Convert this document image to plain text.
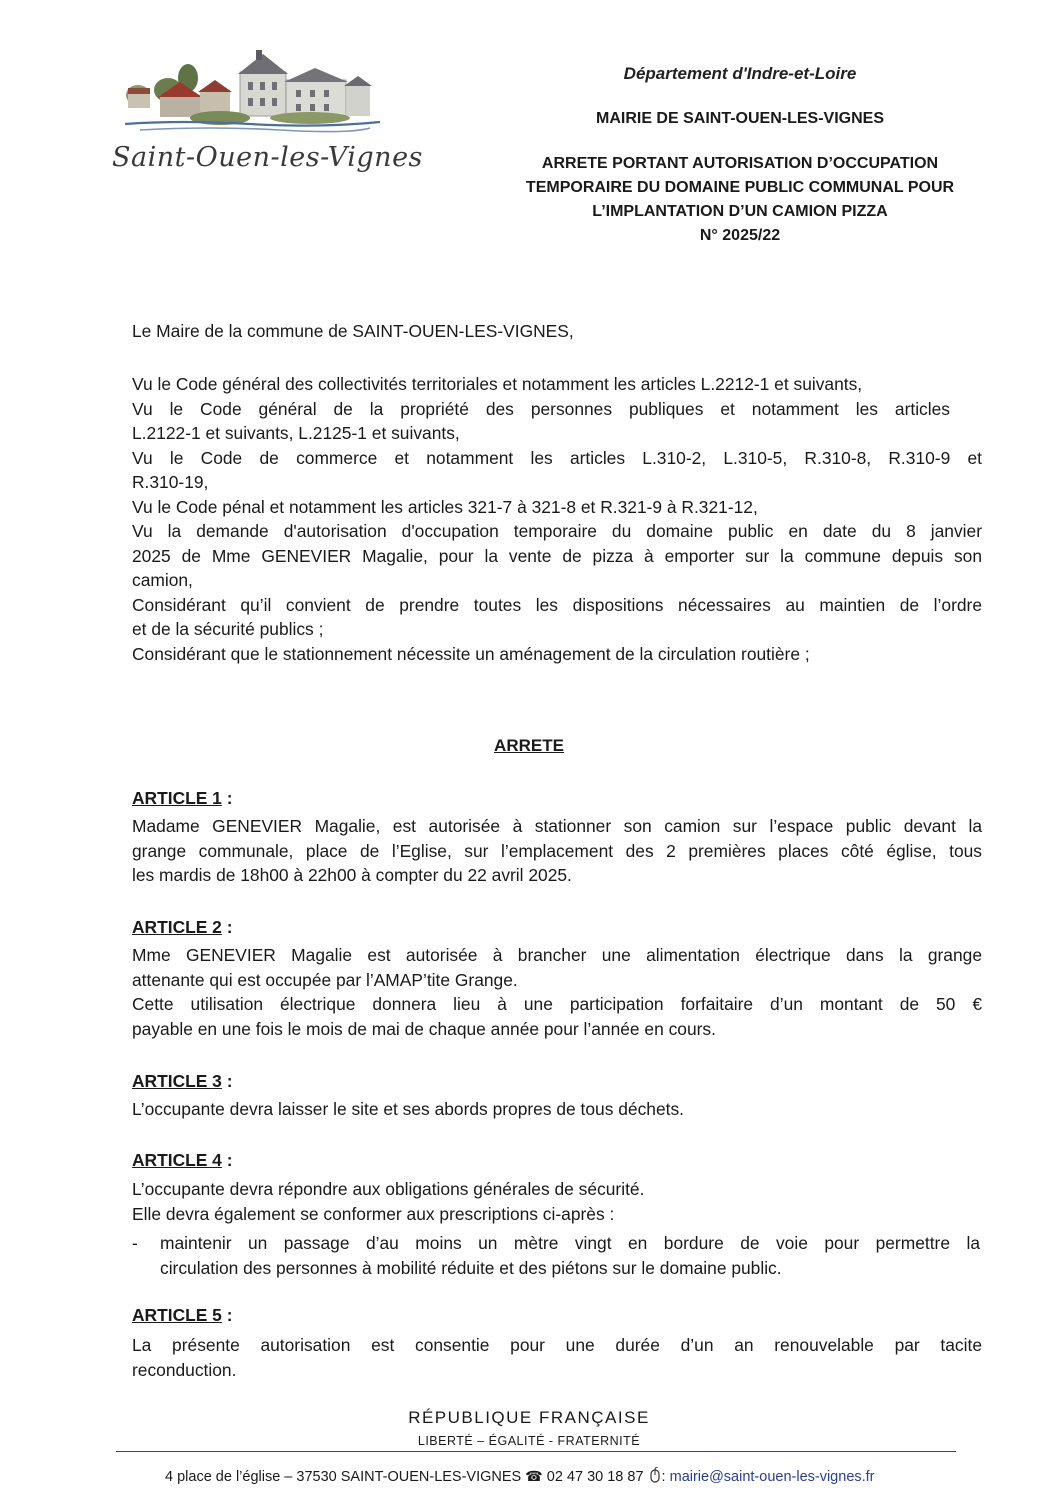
Saint-Ouen-les-Vignes
Département d'Indre-et-Loire
MAIRIE DE SAINT-OUEN-LES-VIGNES
ARRETE PORTANT AUTORISATION D’OCCUPATION
TEMPORAIRE DU DOMAINE PUBLIC COMMUNAL POUR
L’IMPLANTATION D’UN CAMION PIZZA
N° 2025/22
Le Maire de la commune de SAINT-OUEN-LES-VIGNES,
Vu le Code général des collectivités territoriales et notamment les articles L.2212-1 et suivants,
Vu le Code général de la propriété des personnes publiques et notamment les articles
L.2122-1 et suivants, L.2125-1 et suivants,
Vu le Code de commerce et notamment les articles L.310-2, L.310-5, R.310-8, R.310-9 et
R.310-19,
Vu le Code pénal et notamment les articles 321-7 à 321-8 et R.321-9 à R.321-12,
Vu la demande d'autorisation d'occupation temporaire du domaine public en date du 8 janvier
2025 de Mme GENEVIER Magalie, pour la vente de pizza à emporter sur la commune depuis son
camion,
Considérant qu’il convient de prendre toutes les dispositions nécessaires au maintien de l’ordre
et de la sécurité publics ;
Considérant que le stationnement nécessite un aménagement de la circulation routière ;
ARRETE
ARTICLE 1 :
Madame GENEVIER Magalie, est autorisée à stationner son camion sur l’espace public devant la
grange communale, place de l’Eglise, sur l’emplacement des 2 premières places côté église, tous
les mardis de 18h00 à 22h00 à compter du 22 avril 2025.
ARTICLE 2 :
Mme GENEVIER Magalie est autorisée à brancher une alimentation électrique dans la grange
attenante qui est occupée par l’AMAP’tite Grange.
Cette utilisation électrique donnera lieu à une participation forfaitaire d’un montant de 50 €
payable en une fois le mois de mai de chaque année pour l’année en cours.
ARTICLE 3 :
L’occupante devra laisser le site et ses abords propres de tous déchets.
ARTICLE 4 :
L’occupante devra répondre aux obligations générales de sécurité.
Elle devra également se conformer aux prescriptions ci-après :
- maintenir un passage d’au moins un mètre vingt en bordure de voie pour permettre la
circulation des personnes à mobilité réduite et des piétons sur le domaine public.
ARTICLE 5 :
La présente autorisation est consentie pour une durée d’un an renouvelable par tacite
reconduction.
RÉPUBLIQUE FRANÇAISE
LIBERTÉ – ÉGALITÉ - FRATERNITÉ
4 place de l’église – 37530 SAINT-OUEN-LES-VIGNES ☎ 02 47 30 18 87 : mairie@saint-ouen-les-vignes.fr
